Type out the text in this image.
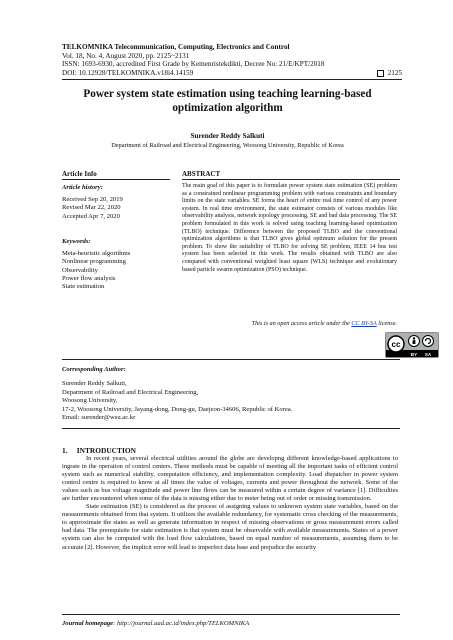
TELKOMNIKA Telecommunication, Computing, Electronics and Control
Vol. 18, No. 4, August 2020, pp. 2125~2131
ISSN: 1693-6930, accredited First Grade by Kemenristekdikti, Decree No: 21/E/KPT/2018
DOI: 10.12928/TELKOMNIKA.v18i4.14159	2125
Power system state estimation using teaching learning-based optimization algorithm
Surender Reddy Salkuti
Department of Railroad and Electrical Engineering, Woosong University, Republic of Korea
Article Info	ABSTRACT
Article history:
Received Sep 20, 2019
Revised Mar 22, 2020
Accepted Apr 7, 2020
Keywords:
Meta-heuristic algorithms
Nonlinear programming
Observability
Power flow analysis
State estimation
The main goal of this paper is to formulate power system state estimation (SE) problem as a constrained nonlinear programming problem with various constraints and boundary limits on the state variables. SE forms the heart of entire real time control of any power system. In real time environment, the state estimator consists of various modules like observability analysis, network topology processing, SE and bad data processing. The SE problem formulated in this work is solved using teaching learning-based optimization (TLBO) technique. Difference between the proposed TLBO and the conventional optimization algorithms is that TLBO gives global optimum solution for the present problem. To show the suitability of TLBO for solving SE problem, IEEE 14 bus test system has been selected in this work. The results obtained with TLBO are also compared with conventional weighted least square (WLS) technique and evolutionary based particle swarm optimization (PSO) technique.
This is an open access article under the CC BY-SA license.
cc
BY SA
Corresponding Author:
Surender Reddy Salkuti,
Department of Railroad and Electrical Engineering,
Woosong University,
17-2, Woosong University, Jayang-dong, Dong-gu, Daejeon-34606, Republic of Korea.
Email: surender@wsu.ac.kr
1.     INTRODUCTION

In recent years, several electrical utilities around the globe are developng different knowledge-based applications to ingrate in the operation of control centers. These methods must be capable of meeting all the important tasks of efficient control system such as numerical stability, computation efficiency, and implementation complexity. Load dispatcher in power system control centre is required to know at all times the value of voltages, currents and power throughout the network. Some of the values such as bus voltage magnitude and power line flows can be measured within a certain degree of variance [1]. Difficulties are further encountered when some of the data is missing either due to meter being out of order or missing transmission.

State estimation (SE) is considered as the process of assigning values to unknown system state variables, based on the measurements obtained from that system. It utilizes the available redundancy, for systematic cross checking of the measurements, to approximate the states as well as generate information in respect of missing observations or gross measurement errors called bad data. The prerequisite for state estimation is that system must be observable with available measurements. States of a power system can also be computed with the load flow calculations, based on equal number of measurements, assuming them to be accurate [2]. However, the implicit error will lead to imperfect data base and prejudice the security

Journal homepage: http://journal.uad.ac.id/index.php/TELKOMNIKA
